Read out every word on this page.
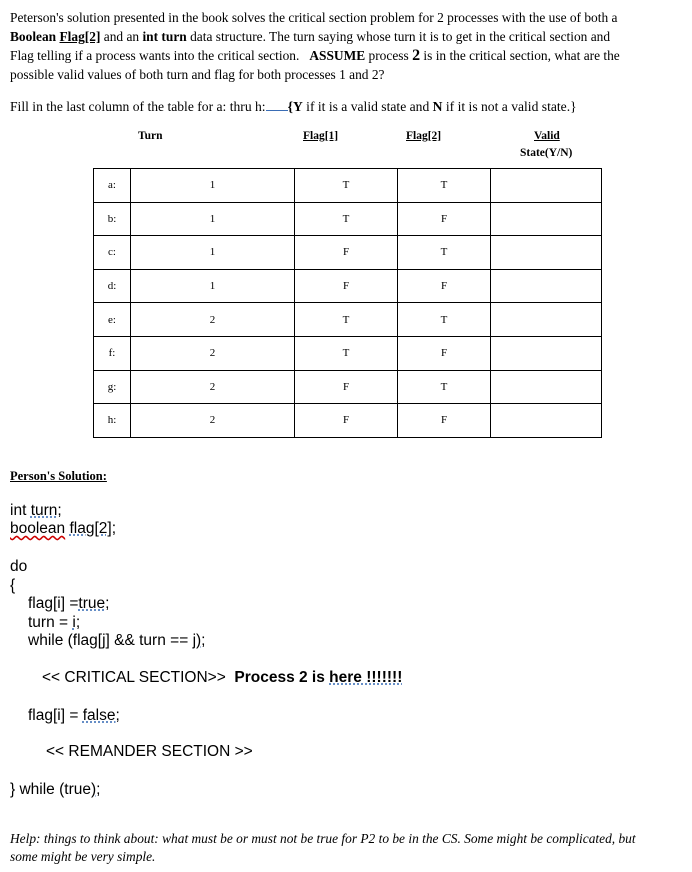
Peterson's solution presented in the book solves the critical section problem for 2 processes with the use of both a
Boolean Flag[2] and an int turn data structure. The turn saying whose turn it is to get in the critical section and
Flag telling if a process wants into the critical section. ASSUME process 2 is in the critical section, what are the
possible valid values of both turn and flag for both processes 1 and 2?
Fill in the last column of the table for a: thru h: {Y if it is a valid state and N if it is not a valid state.}
Turn	Flag[1]	Flag[2]	Valid
State(Y/N)
a:	1	T	T	
b:	1	T	F	
c:	1	F	T	
d:	1	F	F	
e:	2	T	T	
f:	2	T	F	
g:	2	F	T	
h:	2	F	F	
Person's Solution:
int turn;
boolean flag[2];
do
{
flag[i] =true;
turn = i;
while (flag[j] && turn == j);
<< CRITICAL SECTION>>  Process 2 is here !!!!!!!
flag[i] = false;
<< REMANDER SECTION >>
} while (true);
Help: things to think about: what must be or must not be true for P2 to be in the CS. Some might be complicated, but some might be very simple.
